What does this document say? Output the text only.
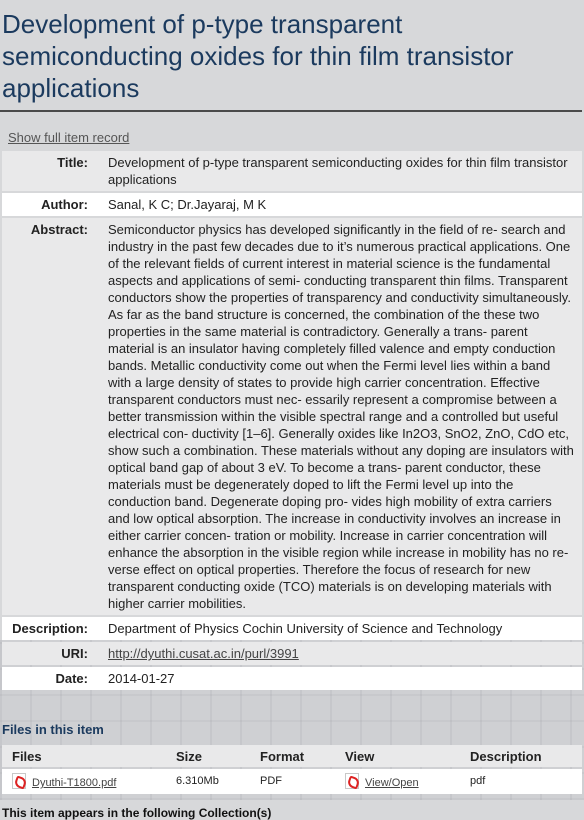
Development of p-type transparent semiconducting oxides for thin film transistor applications
Show full item record
Title:	Development of p-type transparent semiconducting oxides for thin film transistor applications
Author:	Sanal, K C; Dr.Jayaraj, M K
Abstract:	Semiconductor physics has developed significantly in the field of re- search and industry in the past few decades due to it’s numerous practical applications. One of the relevant fields of current interest in material science is the fundamental aspects and applications of semi- conducting transparent thin films. Transparent conductors show the properties of transparency and conductivity simultaneously. As far as the band structure is concerned, the combination of the these two properties in the same material is contradictory. Generally a trans- parent material is an insulator having completely filled valence and empty conduction bands. Metallic conductivity come out when the Fermi level lies within a band with a large density of states to provide high carrier concentration. Effective transparent conductors must nec- essarily represent a compromise between a better transmission within the visible spectral range and a controlled but useful electrical con- ductivity [1–6]. Generally oxides like In2O3, SnO2, ZnO, CdO etc, show such a combination. These materials without any doping are insulators with optical band gap of about 3 eV. To become a trans- parent conductor, these materials must be degenerately doped to lift the Fermi level up into the conduction band. Degenerate doping pro- vides high mobility of extra carriers and low optical absorption. The increase in conductivity involves an increase in either carrier concen- tration or mobility. Increase in carrier concentration will enhance the absorption in the visible region while increase in mobility has no re- verse effect on optical properties. Therefore the focus of research for new transparent conducting oxide (TCO) materials is on developing materials with higher carrier mobilities.
Description:	Department of Physics Cochin University of Science and Technology
URI:	http://dyuthi.cusat.ac.in/purl/3991
Date:	2014-01-27
Files in this item
Files	Size	Format	View	Description
Dyuthi-T1800.pdf	6.310Mb	PDF	View/Open	pdf
This item appears in the following Collection(s)
